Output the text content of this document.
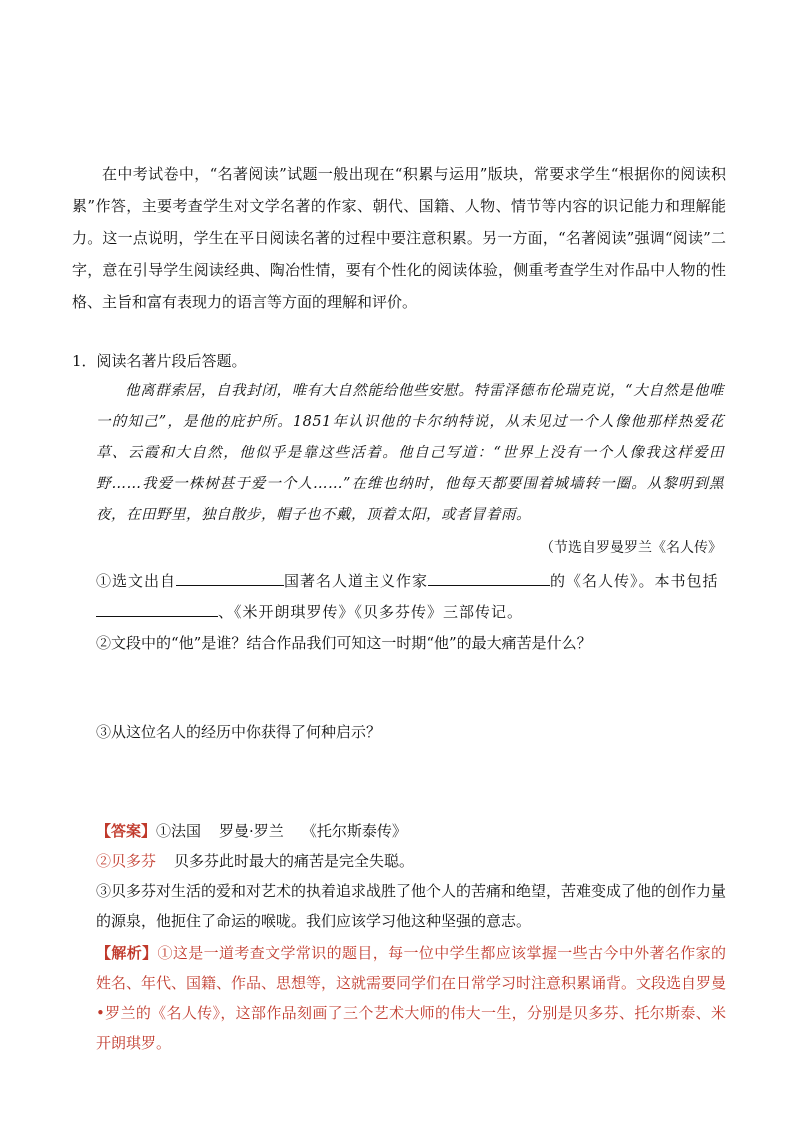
在中考试卷中，“名著阅读”试题一般出现在“积累与运用”版块，常要求学生“根据你的阅读积累”作答，主要考查学生对文学名著的作家、朝代、国籍、人物、情节等内容的识记能力和理解能力。这一点说明，学生在平日阅读名著的过程中要注意积累。另一方面，“名著阅读”强调“阅读”二字，意在引导学生阅读经典、陶冶性情，要有个性化的阅读体验，侧重考查学生对作品中人物的性格、主旨和富有表现力的语言等方面的理解和评价。

1．阅读名著片段后答题。

他离群索居，自我封闭，唯有大自然能给他些安慰。特雷泽德布伦瑞克说，“大自然是他唯一的知己”，是他的庇护所。1851年认识他的卡尔纳特说，从未见过一个人像他那样热爱花草、云霞和大自然，他似乎是靠这些活着。他自己写道：“世界上没有一个人像我这样爱田野……我爱一株树甚于爱一个人……”在维也纳时，他每天都要围着城墙转一圈。从黎明到黑夜，在田野里，独自散步，帽子也不戴，顶着太阳，或者冒着雨。

（节选自罗曼罗兰《名人传》

①选文出自	国著名人道主义作家	的《名人传》。本书包括、《米开朗琪罗传》《贝多芬传》三部传记。

②文段中的“他”是谁？结合作品我们可知这一时期“他”的最大痛苦是什么？

③从这位名人的经历中你获得了何种启示？

【答案】①法国 罗曼·罗兰 《托尔斯泰传》
②贝多芬 贝多芬此时最大的痛苦是完全失聪。
③贝多芬对生活的爱和对艺术的执着追求战胜了他个人的苦痛和绝望，苦难变成了他的创作力量的源泉，他扼住了命运的喉咙。我们应该学习他这种坚强的意志。

【解析】①这是一道考查文学常识的题目，每一位中学生都应该掌握一些古今中外著名作家的姓名、年代、国籍、作品、思想等，这就需要同学们在日常学习时注意积累诵背。文段选自罗曼•罗兰的《名人传》，这部作品刻画了三个艺术大师的伟大一生，分别是贝多芬、托尔斯泰、米开朗琪罗。
